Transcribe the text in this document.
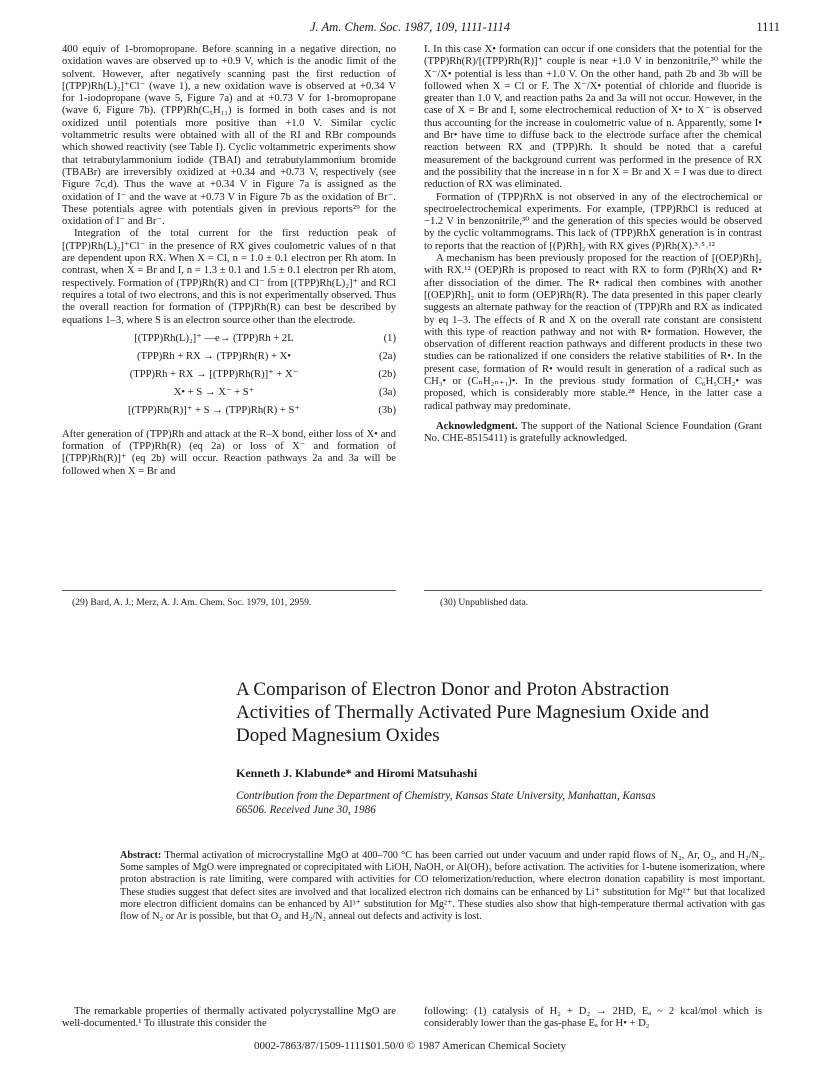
J. Am. Chem. Soc. 1987, 109, 1111-1114	1111

400 equiv of 1-bromopropane. Before scanning in a negative direction, no oxidation waves are observed up to +0.9 V, which is the anodic limit of the solvent. However, after negatively scanning past the first reduction of [(TPP)Rh(L)₂]⁺Cl⁻ (wave 1), a new oxidation wave is observed at +0.34 V for 1-iodopropane (wave 5, Figure 7a) and at +0.73 V for 1-bromopropane (wave 6, Figure 7b). (TPP)Rh(C₅H₁₁) is formed in both cases and is not oxidized until potentials more positive than +1.0 V. Similar cyclic voltammetric results were obtained with all of the RI and RBr compounds which showed reactivity (see Table I). Cyclic voltammetric experiments show that tetrabutylammonium iodide (TBAI) and tetrabutylammonium bromide (TBABr) are irreversibly oxidized at +0.34 and +0.73 V, respectively (see Figure 7c,d). Thus the wave at +0.34 V in Figure 7a is assigned as the oxidation of I⁻ and the wave at +0.73 V in Figure 7b as the oxidation of Br⁻. These potentials agree with potentials given in previous reports²⁹ for the oxidation of I⁻ and Br⁻.

Integration of the total current for the first reduction peak of [(TPP)Rh(L)₂]⁺Cl⁻ in the presence of RX gives coulometric values of n that are dependent upon RX. When X = Cl, n = 1.0 ± 0.1 electron per Rh atom. In contrast, when X = Br and I, n = 1.3 ± 0.1 and 1.5 ± 0.1 electron per Rh atom, respectively. Formation of (TPP)Rh(R) and Cl⁻ from [(TPP)Rh(L)₂]⁺ and RCl requires a total of two electrons, and this is not experimentally observed. Thus the overall reaction for formation of (TPP)Rh(R) can best be described by equations 1–3, where S is an electron source other than the electrode.

[(TPP)Rh(L)₂]⁺ —e→ (TPP)Rh + 2L	(1)
(TPP)Rh + RX → (TPP)Rh(R) + X•	(2a)
(TPP)Rh + RX → [(TPP)Rh(R)]⁺ + X⁻	(2b)
X• + S → X⁻ + S⁺	(3a)
[(TPP)Rh(R)]⁺ + S → (TPP)Rh(R) + S⁺	(3b)

After generation of (TPP)Rh and attack at the R–X bond, either loss of X• and formation of (TPP)Rh(R) (eq 2a) or loss of X⁻ and formation of [(TPP)Rh(R)]⁺ (eq 2b) will occur. Reaction pathways 2a and 3a will be followed when X = Br and

I. In this case X• formation can occur if one considers that the potential for the (TPP)Rh(R)/[(TPP)Rh(R)]⁺ couple is near +1.0 V in benzonitrile,³⁰ while the X⁻/X• potential is less than +1.0 V. On the other hand, path 2b and 3b will be followed when X = Cl or F. The X⁻/X• potential of chloride and fluoride is greater than 1.0 V, and reaction paths 2a and 3a will not occur. However, in the case of X = Br and I, some electrochemical reduction of X• to X⁻ is observed thus accounting for the increase in coulometric value of n. Apparently, some I• and Br• have time to diffuse back to the electrode surface after the chemical reaction between RX and (TPP)Rh. It should be noted that a careful measurement of the background current was performed in the presence of RX and the possibility that the increase in n for X = Br and X = I was due to direct reduction of RX was eliminated.

Formation of (TPP)RhX is not observed in any of the electrochemical or spectroelectrochemical experiments. For example, (TPP)RhCl is reduced at −1.2 V in benzonitrile,³⁰ and the generation of this species would be observed by the cyclic voltammograms. This lack of (TPP)RhX generation is in contrast to reports that the reaction of [(P)Rh]₂ with RX gives (P)Rh(X).³˒⁵˒¹²

A mechanism has been previously proposed for the reaction of [(OEP)Rh]₂ with RX.¹² (OEP)Rh is proposed to react with RX to form (P)Rh(X) and R• after dissociation of the dimer. The R• radical then combines with another [(OEP)Rh]₂ unit to form (OEP)Rh(R). The data presented in this paper clearly suggests an alternate pathway for the reaction of (TPP)Rh and RX as indicated by eq 1–3. The effects of R and X on the overall rate constant are consistent with this type of reaction pathway and not with R• formation. However, the observation of different reaction pathways and different products in these two studies can be rationalized if one considers the relative stabilities of R•. In the present case, formation of R• would result in generation of a radical such as CH₃• or (CₙH₂ₙ₊₁)•. In the previous study formation of C₆H₅CH₂• was proposed, which is considerably more stable.²⁸ Hence, in the latter case a radical pathway may predominate.

Acknowledgment. The support of the National Science Foundation (Grant No. CHE-8515411) is gratefully acknowledged.

(29) Bard, A. J.; Merz, A. J. Am. Chem. Soc. 1979, 101, 2959.	(30) Unpublished data.
A Comparison of Electron Donor and Proton Abstraction
Activities of Thermally Activated Pure Magnesium Oxide and
Doped Magnesium Oxides
Kenneth J. Klabunde* and Hiromi Matsuhashi
Contribution from the Department of Chemistry, Kansas State University, Manhattan, Kansas 66506. Received June 30, 1986
Abstract: Thermal activation of microcrystalline MgO at 400–700 °C has been carried out under vacuum and under rapid flows of N₂, Ar, O₂, and H₂/N₂. Some samples of MgO were impregnated or coprecipitated with LiOH, NaOH, or Al(OH)₃ before activation. The activities for 1-butene isomerization, where proton abstraction is rate limiting, were compared with activities for CO telomerization/reduction, where electron donation capability is most important. These studies suggest that defect sites are involved and that localized electron rich domains can be enhanced by Li⁺ substitution for Mg²⁺ but that localized more electron difficient domains can be enhanced by Al³⁺ substitution for Mg²⁺. These studies also show that high-temperature thermal activation with gas flow of N₂ or Ar is possible, but that O₂ and H₂/N₂ anneal out defects and activity is lost.

The remarkable properties of thermally activated polycrystalline MgO are well-documented.¹ To illustrate this consider the

following: (1) catalysis of H₂ + D₂ → 2HD, Eₐ ~ 2 kcal/mol which is considerably lower than the gas-phase Eₐ for H• + D₂
0002-7863/87/1509-1111$01.50/0 © 1987 American Chemical Society
